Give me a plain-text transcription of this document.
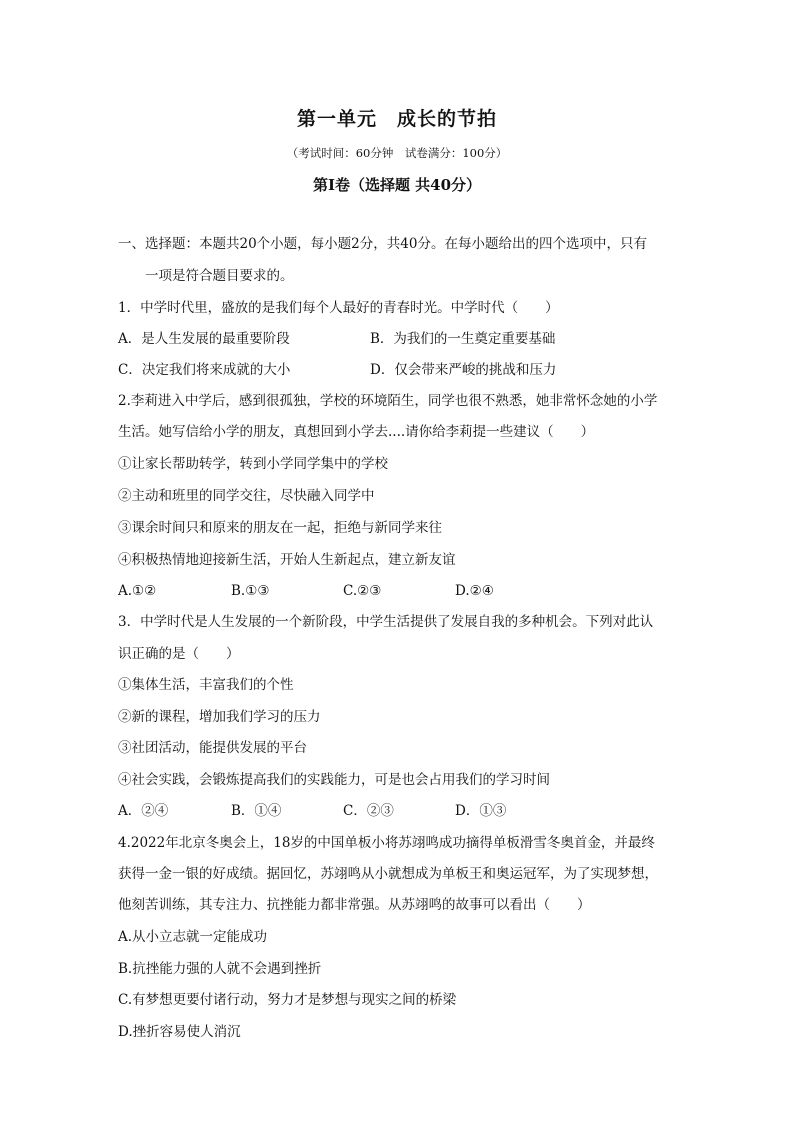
第一单元　成长的节拍
（考试时间：60分钟　试卷满分：100分）
第Ⅰ卷（选择题 共40分）
一、选择题：本题共20个小题，每小题2分，共40分。在每小题给出的四个选项中，只有
一项是符合题目要求的。
1．中学时代里，盛放的是我们每个人最好的青春时光。中学时代（　　）
A．是人生发展的最重要阶段	B．为我们的一生奠定重要基础
C．决定我们将来成就的大小	D．仅会带来严峻的挑战和压力
2.李莉进入中学后，感到很孤独，学校的环境陌生，同学也很不熟悉，她非常怀念她的小学
生活。她写信给小学的朋友，真想回到小学去....请你给李莉提一些建议（　　）
①让家长帮助转学，转到小学同学集中的学校
②主动和班里的同学交往，尽快融入同学中
③课余时间只和原来的朋友在一起，拒绝与新同学来往
④积极热情地迎接新生活，开始人生新起点，建立新友谊
A.①②	B.①③	C.②③	D.②④
3．中学时代是人生发展的一个新阶段，中学生活提供了发展自我的多种机会。下列对此认
识正确的是（　　）
①集体生活，丰富我们的个性
②新的课程，增加我们学习的压力
③社团活动，能提供发展的平台
④社会实践，会锻炼提高我们的实践能力，可是也会占用我们的学习时间
A．②④	B．①④	C．②③	D．①③
4.2022年北京冬奥会上，18岁的中国单板小将苏翊鸣成功摘得单板滑雪冬奥首金，并最终
获得一金一银的好成绩。据回忆，苏翊鸣从小就想成为单板王和奥运冠军，为了实现梦想，
他刻苦训练，其专注力、抗挫能力都非常强。从苏翊鸣的故事可以看出（　　）
A.从小立志就一定能成功
B.抗挫能力强的人就不会遇到挫折
C.有梦想更要付诸行动，努力才是梦想与现实之间的桥梁
D.挫折容易使人消沉
